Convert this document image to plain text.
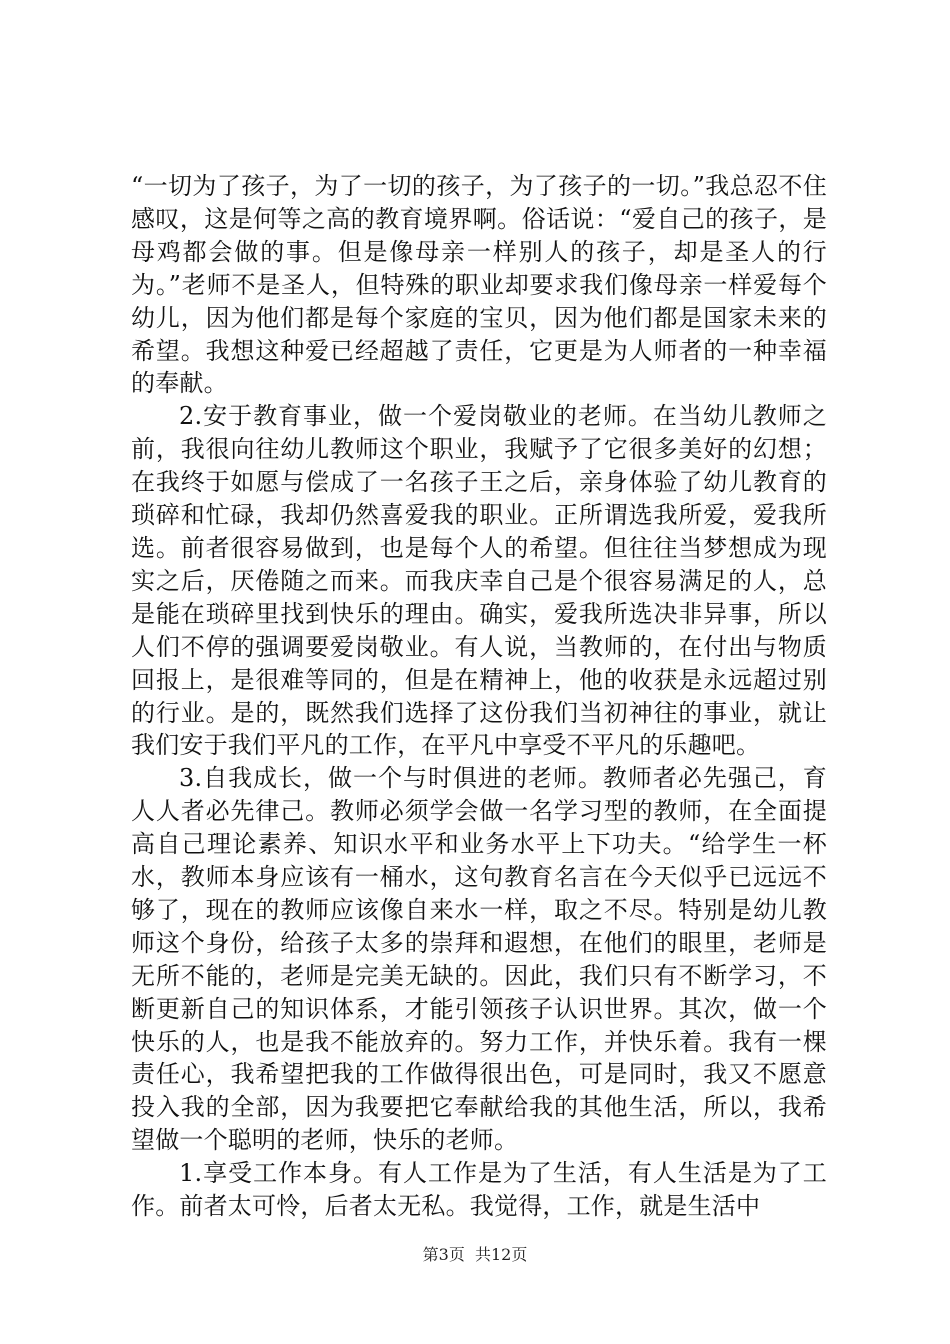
“一切为了孩子，为了一切的孩子，为了孩子的一切。”我总忍不住感叹，这是何等之高的教育境界啊。俗话说：“爱自己的孩子，是母鸡都会做的事。但是像母亲一样别人的孩子，却是圣人的行为。”老师不是圣人，但特殊的职业却要求我们像母亲一样爱每个幼儿，因为他们都是每个家庭的宝贝，因为他们都是国家未来的希望。我想这种爱已经超越了责任，它更是为人师者的一种幸福的奉献。

2.安于教育事业，做一个爱岗敬业的老师。在当幼儿教师之前，我很向往幼儿教师这个职业，我赋予了它很多美好的幻想；在我终于如愿与偿成了一名孩子王之后，亲身体验了幼儿教育的琐碎和忙碌，我却仍然喜爱我的职业。正所谓选我所爱，爱我所选。前者很容易做到，也是每个人的希望。但往往当梦想成为现实之后，厌倦随之而来。而我庆幸自己是个很容易满足的人，总是能在琐碎里找到快乐的理由。确实，爱我所选决非异事，所以人们不停的强调要爱岗敬业。有人说，当教师的，在付出与物质回报上，是很难等同的，但是在精神上，他的收获是永远超过别的行业。是的，既然我们选择了这份我们当初神往的事业，就让我们安于我们平凡的工作，在平凡中享受不平凡的乐趣吧。

3.自我成长，做一个与时俱进的老师。教师者必先强己，育人人者必先律己。教师必须学会做一名学习型的教师，在全面提高自己理论素养、知识水平和业务水平上下功夫。“给学生一杯水，教师本身应该有一桶水，这句教育名言在今天似乎已远远不够了，现在的教师应该像自来水一样，取之不尽。特别是幼儿教师这个身份，给孩子太多的崇拜和遐想，在他们的眼里，老师是无所不能的，老师是完美无缺的。因此，我们只有不断学习，不断更新自己的知识体系，才能引领孩子认识世界。其次，做一个快乐的人，也是我不能放弃的。努力工作，并快乐着。我有一棵责任心，我希望把我的工作做得很出色，可是同时，我又不愿意投入我的全部，因为我要把它奉献给我的其他生活，所以，我希望做一个聪明的老师，快乐的老师。

1.享受工作本身。有人工作是为了生活，有人生活是为了工作。前者太可怜，后者太无私。我觉得，工作，就是生活中

第3页  共12页
